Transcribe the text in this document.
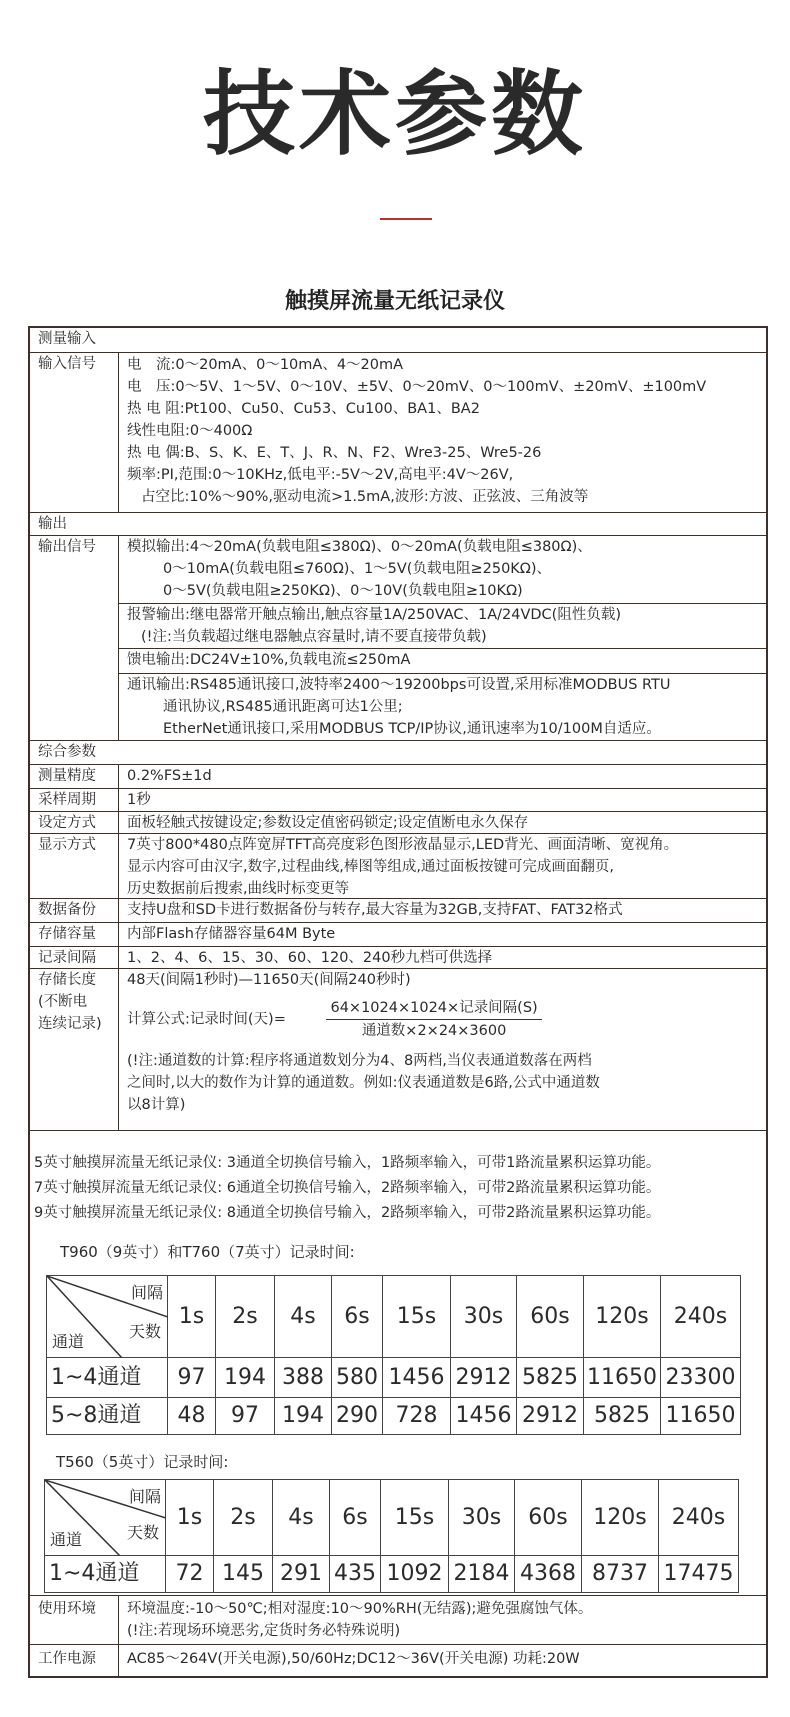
技术参数
触摸屏流量无纸记录仪
测量输入
输入信号	电　流:0～20mA、0～10mA、4～20mA
电　压:0～5V、1～5V、0～10V、±5V、0～20mV、0～100mV、±20mV、±100mV
热 电 阻:Pt100、Cu50、Cu53、Cu100、BA1、BA2
线性电阻:0～400Ω
热 电 偶:B、S、K、E、T、J、R、N、F2、Wre3-25、Wre5-26
频率:PI,范围:0～10KHz,低电平:-5V～2V,高电平:4V～26V,
占空比:10%～90%,驱动电流>1.5mA,波形:方波、正弦波、三角波等
输出
输出信号	模拟输出:4～20mA(负载电阻≤380Ω)、0～20mA(负载电阻≤380Ω)、
0～10mA(负载电阻≤760Ω)、1～5V(负载电阻≥250KΩ)、
0～5V(负载电阻≥250KΩ)、0～10V(负载电阻≥10KΩ)
报警输出:继电器常开触点输出,触点容量1A/250VAC、1A/24VDC(阻性负载)
(!注:当负载超过继电器触点容量时,请不要直接带负载)
馈电输出:DC24V±10%,负载电流≤250mA
通讯输出:RS485通讯接口,波特率2400～19200bps可设置,采用标准MODBUS RTU
通讯协议,RS485通讯距离可达1公里;
EtherNet通讯接口,采用MODBUS TCP/IP协议,通讯速率为10/100M自适应。
综合参数
测量精度	0.2%FS±1d
采样周期	1秒
设定方式	面板轻触式按键设定;参数设定值密码锁定;设定值断电永久保存
显示方式	7英寸800*480点阵宽屏TFT高亮度彩色图形液晶显示,LED背光、画面清晰、宽视角。
显示内容可由汉字,数字,过程曲线,棒图等组成,通过面板按键可完成画面翻页,
历史数据前后搜索,曲线时标变更等
数据备份	支持U盘和SD卡进行数据备份与转存,最大容量为32GB,支持FAT、FAT32格式
存储容量	内部Flash存储器容量64M Byte
记录间隔	1、2、4、6、15、30、60、120、240秒九档可供选择
存储长度
(不断电
连续记录)
48天(间隔1秒时)—11650天(间隔240秒时)
计算公式:记录时间(天)=	$\frac{\text{64×1024×1024×记录间隔(S)}}{\text{通道数×2×24×3600}}$
(!注:通道数的计算:程序将通道数划分为4、8两档,当仪表通道数落在两档
之间时,以大的数作为计算的通道数。例如:仪表通道数是6路,公式中通道数
以8计算)
5英寸触摸屏流量无纸记录仪: 3通道全切换信号输入，1路频率输入，可带1路流量累积运算功能。
7英寸触摸屏流量无纸记录仪: 6通道全切换信号输入，2路频率输入，可带2路流量累积运算功能。
9英寸触摸屏流量无纸记录仪: 8通道全切换信号输入，2路频率输入，可带2路流量累积运算功能。
T960（9英寸）和T760（7英寸）记录时间:
间隔
天数
通道	1s	2s	4s	6s	15s	30s	60s	120s	240s
1~4通道	97	194	388	580	1456	2912	5825	11650	23300
5~8通道	48	97	194	290	728	1456	2912	5825	11650
T560（5英寸）记录时间:
间隔
天数
通道	1s	2s	4s	6s	15s	30s	60s	120s	240s
1~4通道	72	145	291	435	1092	2184	4368	8737	17475
使用环境	环境温度:-10～50℃;相对湿度:10～90%RH(无结露);避免强腐蚀气体。
(!注:若现场环境恶劣,定货时务必特殊说明)
工作电源	AC85～264V(开关电源),50/60Hz;DC12～36V(开关电源) 功耗:20W
